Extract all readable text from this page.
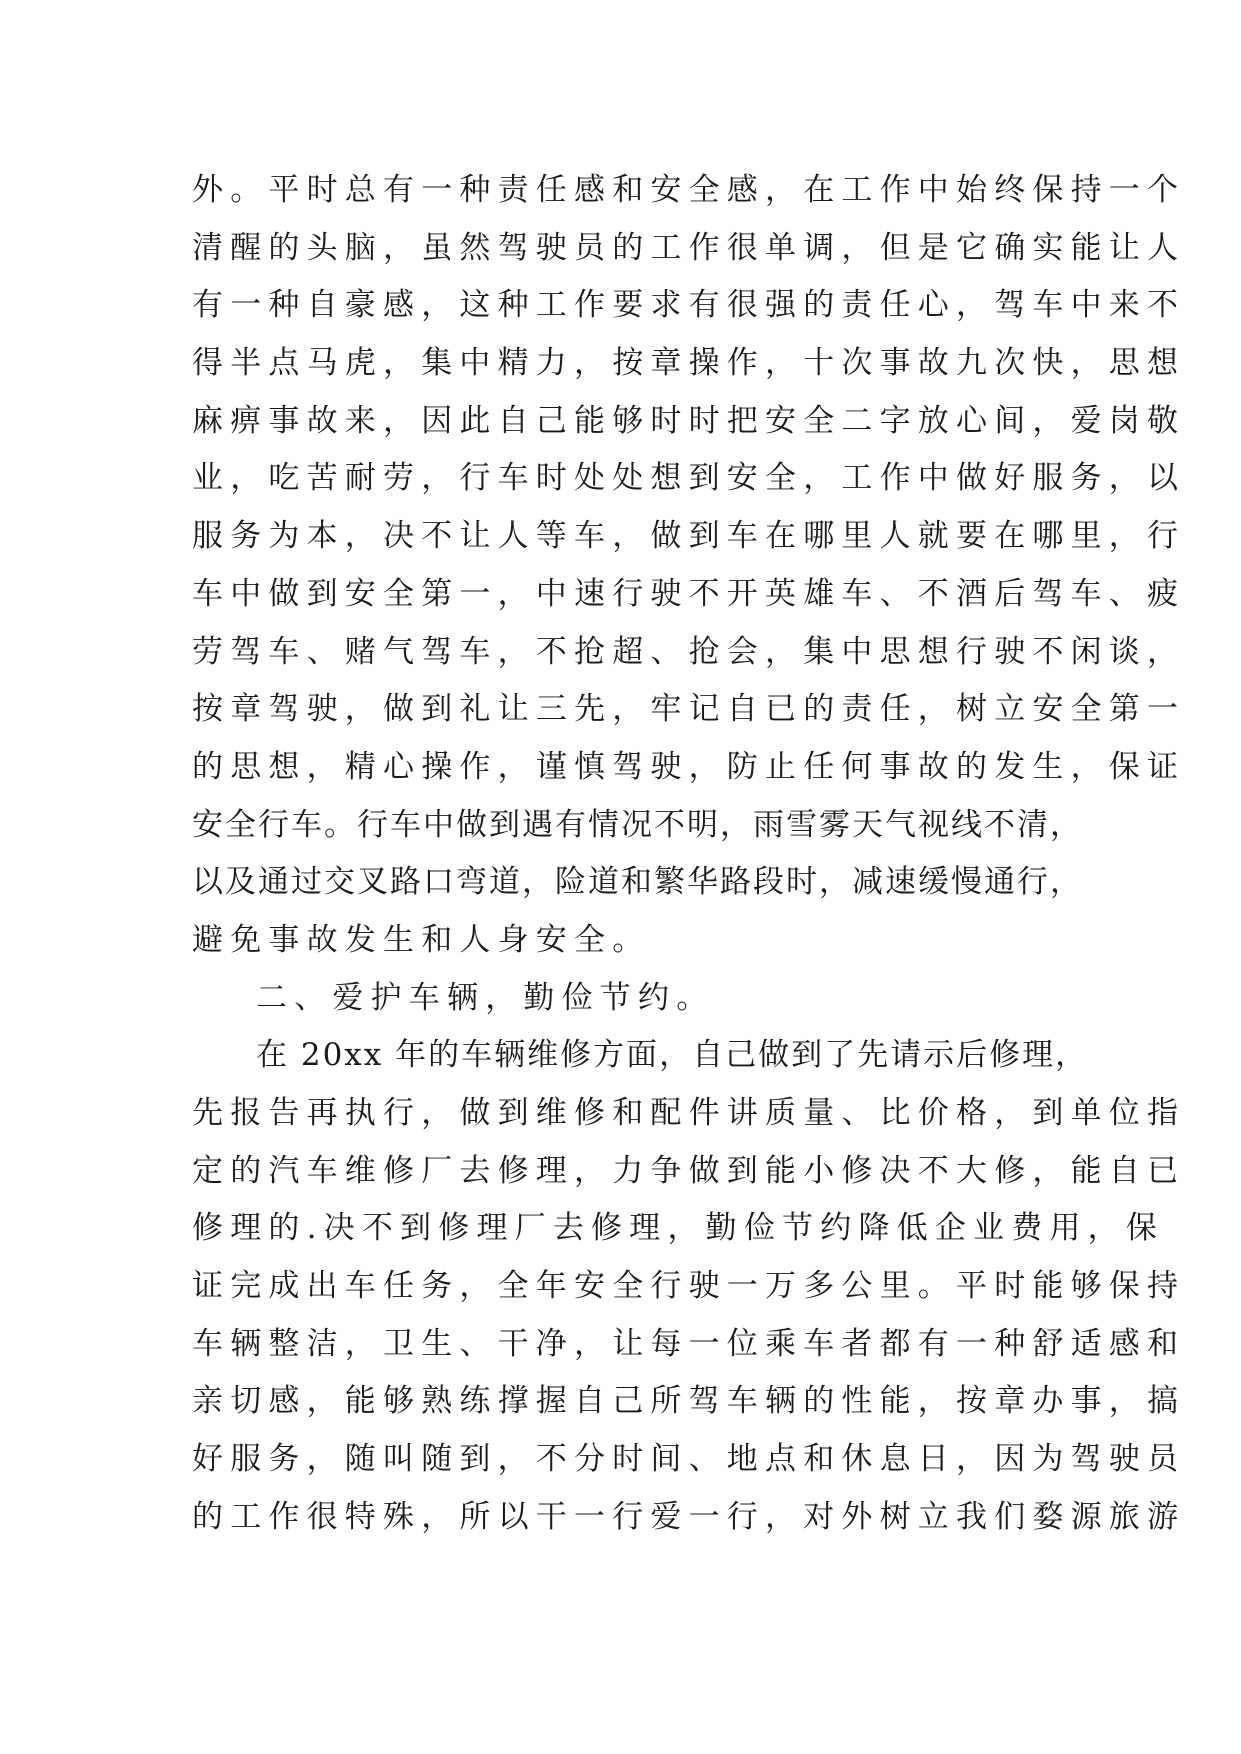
外。平时总有一种责任感和安全感，在工作中始终保持一个
清醒的头脑，虽然驾驶员的工作很单调，但是它确实能让人
有一种自豪感，这种工作要求有很强的责任心，驾车中来不
得半点马虎，集中精力，按章操作，十次事故九次快，思想
麻痹事故来，因此自己能够时时把安全二字放心间，爱岗敬
业，吃苦耐劳，行车时处处想到安全，工作中做好服务，以
服务为本，决不让人等车，做到车在哪里人就要在哪里，行
车中做到安全第一，中速行驶不开英雄车、不酒后驾车、疲
劳驾车、赌气驾车，不抢超、抢会，集中思想行驶不闲谈，
按章驾驶，做到礼让三先，牢记自已的责任，树立安全第一
的思想，精心操作，谨慎驾驶，防止任何事故的发生，保证
安全行车。行车中做到遇有情况不明，雨雪雾天气视线不清，
以及通过交叉路口弯道，险道和繁华路段时，减速缓慢通行，
避免事故发生和人身安全。
二、爱护车辆，勤俭节约。
在 20xx 年的车辆维修方面，自己做到了先请示后修理，
先报告再执行，做到维修和配件讲质量、比价格，到单位指
定的汽车维修厂去修理，力争做到能小修决不大修，能自已
修理的.决不到修理厂去修理，勤俭节约降低企业费用，保
证完成出车任务，全年安全行驶一万多公里。平时能够保持
车辆整洁，卫生、干净，让每一位乘车者都有一种舒适感和
亲切感，能够熟练撑握自己所驾车辆的性能，按章办事，搞
好服务，随叫随到，不分时间、地点和休息日，因为驾驶员
的工作很特殊，所以干一行爱一行，对外树立我们婺源旅游
